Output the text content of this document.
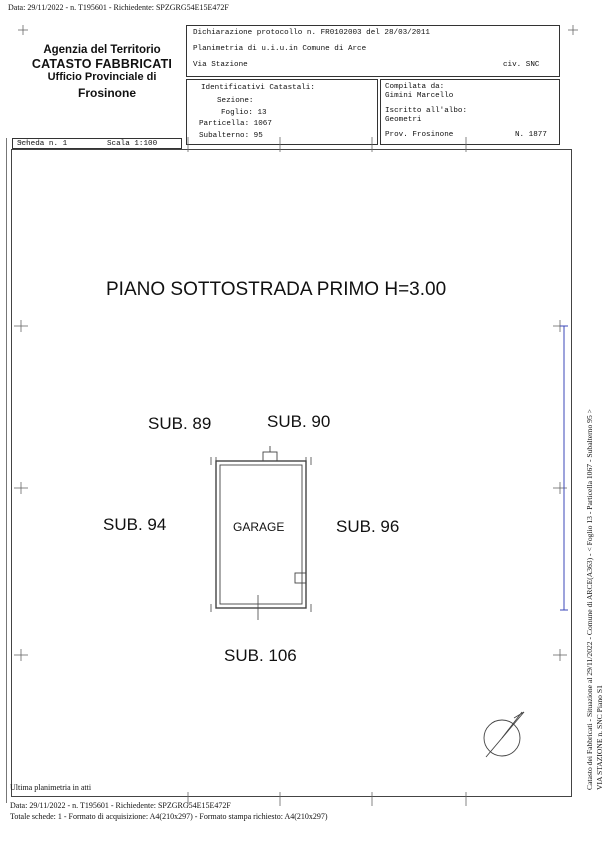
Data: 29/11/2022 - n. T195601 - Richiedente: SPZGRG54E15E472F
Agenzia del Territorio
CATASTO FABBRICATI
Ufficio Provinciale di
Frosinone
Dichiarazione protocollo n. FR0102003 del 28/03/2011
Planimetria di u.i.u.in Comune di Arce
Via Stazione	civ. SNC
Identificativi Catastali:
Sezione:
Foglio: 13
Particella: 1067
Subalterno: 95
Compilata da:
Gimini Marcello
Iscritto all'albo:
Geometri
Prov. Frosinone	N. 1877
Scheda n. 1	Scala 1:100
PIANO SOTTOSTRADA PRIMO H=3.00
SUB. 89	SUB. 90
SUB. 94	SUB. 96
SUB. 106
GARAGE	Catasto dei Fabbricati - Situazione al 29/11/2022 - Comune di ARCE(A363) - < Foglio 13 - Particella 1067 - Subalterno 95 > VIA STAZIONE n. SNC Piano S1
Ultima planimetria in atti
Data: 29/11/2022 - n. T195601 - Richiedente: SPZGRG54E15E472F
Totale schede: 1 - Formato di acquisizione: A4(210x297) - Formato stampa richiesto: A4(210x297)
